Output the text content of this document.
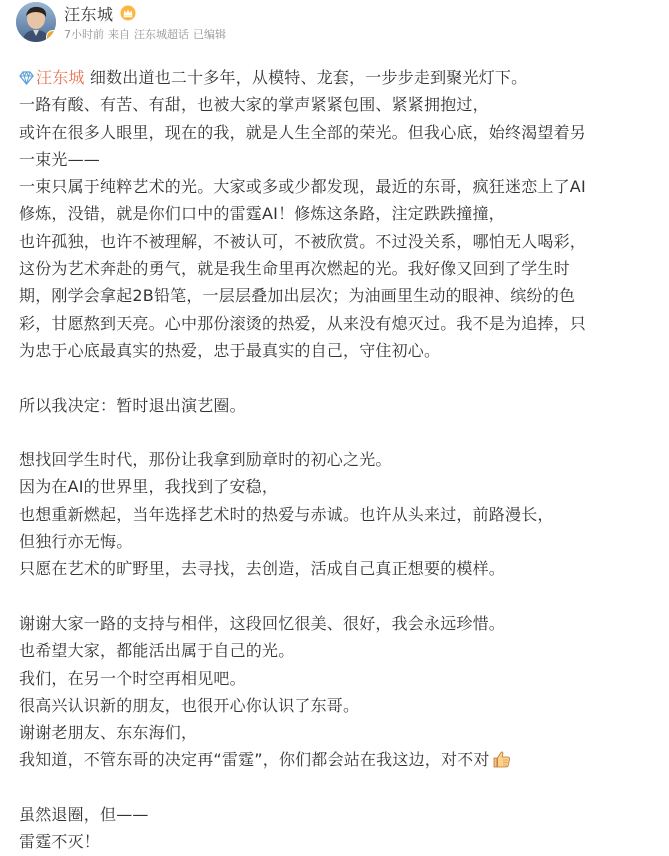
汪东城
7小时前 来自 汪东城超话 已编辑
汪东城 细数出道也二十多年，从模特、龙套，一步步走到聚光灯下。
一路有酸、有苦、有甜，也被大家的掌声紧紧包围、紧紧拥抱过，
或许在很多人眼里，现在的我，就是人生全部的荣光。但我心底，始终渴望着另
一束光——
一束只属于纯粹艺术的光。大家或多或少都发现，最近的东哥，疯狂迷恋上了AI
修炼，没错，就是你们口中的雷霆AI！修炼这条路，注定跌跌撞撞，
也许孤独，也许不被理解，不被认可，不被欣赏。不过没关系，哪怕无人喝彩，
这份为艺术奔赴的勇气，就是我生命里再次燃起的光。我好像又回到了学生时
期，刚学会拿起2B铅笔，一层层叠加出层次；为油画里生动的眼神、缤纷的色
彩，甘愿熬到天亮。心中那份滚烫的热爱，从来没有熄灭过。我不是为追捧，只
为忠于心底最真实的热爱，忠于最真实的自己，守住初心。
所以我决定：暂时退出演艺圈。
想找回学生时代，那份让我拿到励章时的初心之光。
因为在AI的世界里，我找到了安稳，
也想重新燃起，当年选择艺术时的热爱与赤诚。也许从头来过，前路漫长，
但独行亦无悔。
只愿在艺术的旷野里，去寻找，去创造，活成自己真正想要的模样。
谢谢大家一路的支持与相伴，这段回忆很美、很好，我会永远珍惜。
也希望大家，都能活出属于自己的光。
我们，在另一个时空再相见吧。
很高兴认识新的朋友，也很开心你认识了东哥。
谢谢老朋友、东东海们，
我知道，不管东哥的决定再“雷霆”，你们都会站在我这边，对不对
虽然退圈，但——
雷霆不灭！
